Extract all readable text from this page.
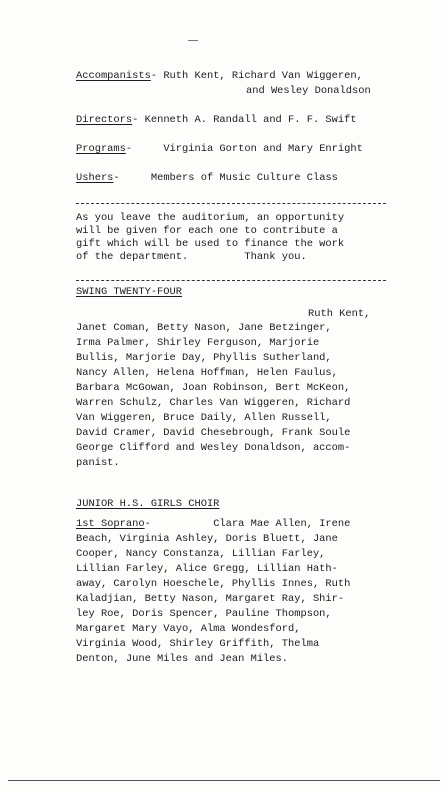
Accompanists- Ruth Kent, Richard Van Wiggeren,
and Wesley Donaldson
Directors- Kenneth A. Randall and F. F. Swift
Programs-     Virginia Gorton and Mary Enright
Ushers-     Members of Music Culture Class
As you leave the auditorium, an opportunity
will be given for each one to contribute a
gift which will be used to finance the work
of the department.         Thank you.
SWING TWENTY-FOUR
Ruth Kent,
Janet Coman, Betty Nason, Jane Betzinger,
Irma Palmer, Shirley Ferguson, Marjorie
Bullis, Marjorie Day, Phyllis Sutherland,
Nancy Allen, Helena Hoffman, Helen Faulus,
Barbara McGowan, Joan Robinson, Bert McKeon,
Warren Schulz, Charles Van Wiggeren, Richard
Van Wiggeren, Bruce Daily, Allen Russell,
David Cramer, David Chesebrough, Frank Soule
George Clifford and Wesley Donaldson, accom-
panist.
JUNIOR H.S. GIRLS CHOIR
1st Soprano-          Clara Mae Allen, Irene
Beach, Virginia Ashley, Doris Bluett, Jane
Cooper, Nancy Constanza, Lillian Farley,
Lillian Farley, Alice Gregg, Lillian Hath-
away, Carolyn Hoeschele, Phyllis Innes, Ruth
Kaladjian, Betty Nason, Margaret Ray, Shir-
ley Roe, Doris Spencer, Pauline Thompson,
Margaret Mary Vayo, Alma Wondesford,
Virginia Wood, Shirley Griffith, Thelma
Denton, June Miles and Jean Miles.
